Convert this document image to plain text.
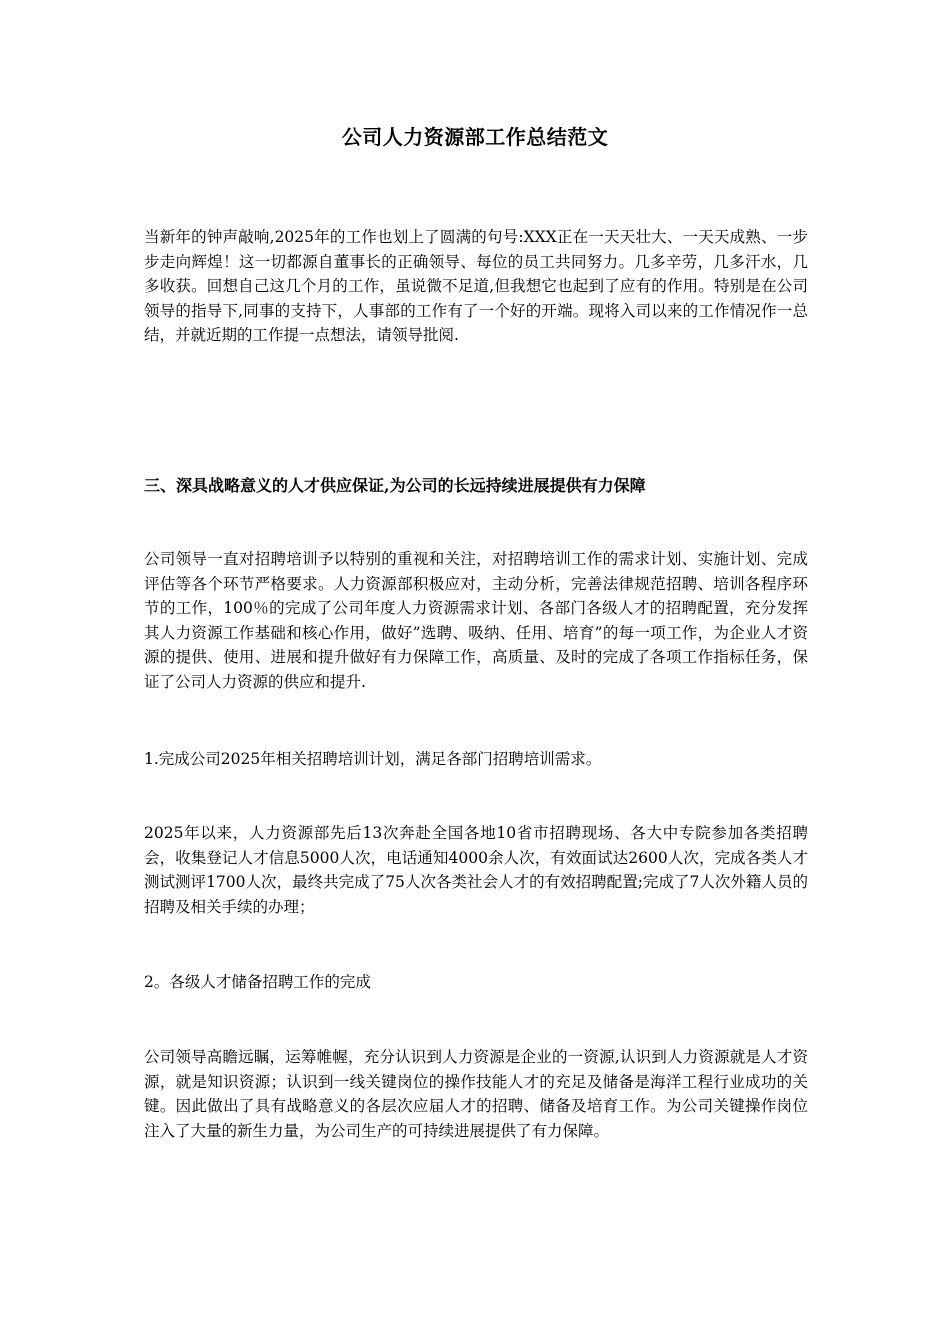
公司人力资源部工作总结范文

当新年的钟声敲响,2025年的工作也划上了圆满的句号:XXX正在一天天壮大、一天天成熟、一步步走向辉煌！这一切都源自董事长的正确领导、每位的员工共同努力。几多辛劳，几多汗水，几多收获。回想自己这几个月的工作，虽说微不足道,但我想它也起到了应有的作用。特别是在公司领导的指导下,同事的支持下，人事部的工作有了一个好的开端。现将入司以来的工作情况作一总结，并就近期的工作提一点想法，请领导批阅.

三、深具战略意义的人才供应保证,为公司的长远持续进展提供有力保障

公司领导一直对招聘培训予以特别的重视和关注，对招聘培训工作的需求计划、实施计划、完成评估等各个环节严格要求。人力资源部积极应对，主动分析，完善法律规范招聘、培训各程序环节的工作，100％的完成了公司年度人力资源需求计划、各部门各级人才的招聘配置，充分发挥其人力资源工作基础和核心作用，做好”选聘、吸纳、任用、培育”的每一项工作，为企业人才资源的提供、使用、进展和提升做好有力保障工作，高质量、及时的完成了各项工作指标任务，保证了公司人力资源的供应和提升.

1.完成公司2025年相关招聘培训计划，满足各部门招聘培训需求。

2025年以来，人力资源部先后13次奔赴全国各地10省市招聘现场、各大中专院参加各类招聘会，收集登记人才信息5000人次，电话通知4000余人次，有效面试达2600人次，完成各类人才测试测评1700人次，最终共完成了75人次各类社会人才的有效招聘配置;完成了7人次外籍人员的招聘及相关手续的办理；

2。各级人才储备招聘工作的完成

公司领导高瞻远瞩，运筹帷幄，充分认识到人力资源是企业的一资源,认识到人力资源就是人才资源，就是知识资源；认识到一线关键岗位的操作技能人才的充足及储备是海洋工程行业成功的关键。因此做出了具有战略意义的各层次应届人才的招聘、储备及培育工作。为公司关键操作岗位注入了大量的新生力量，为公司生产的可持续进展提供了有力保障。
